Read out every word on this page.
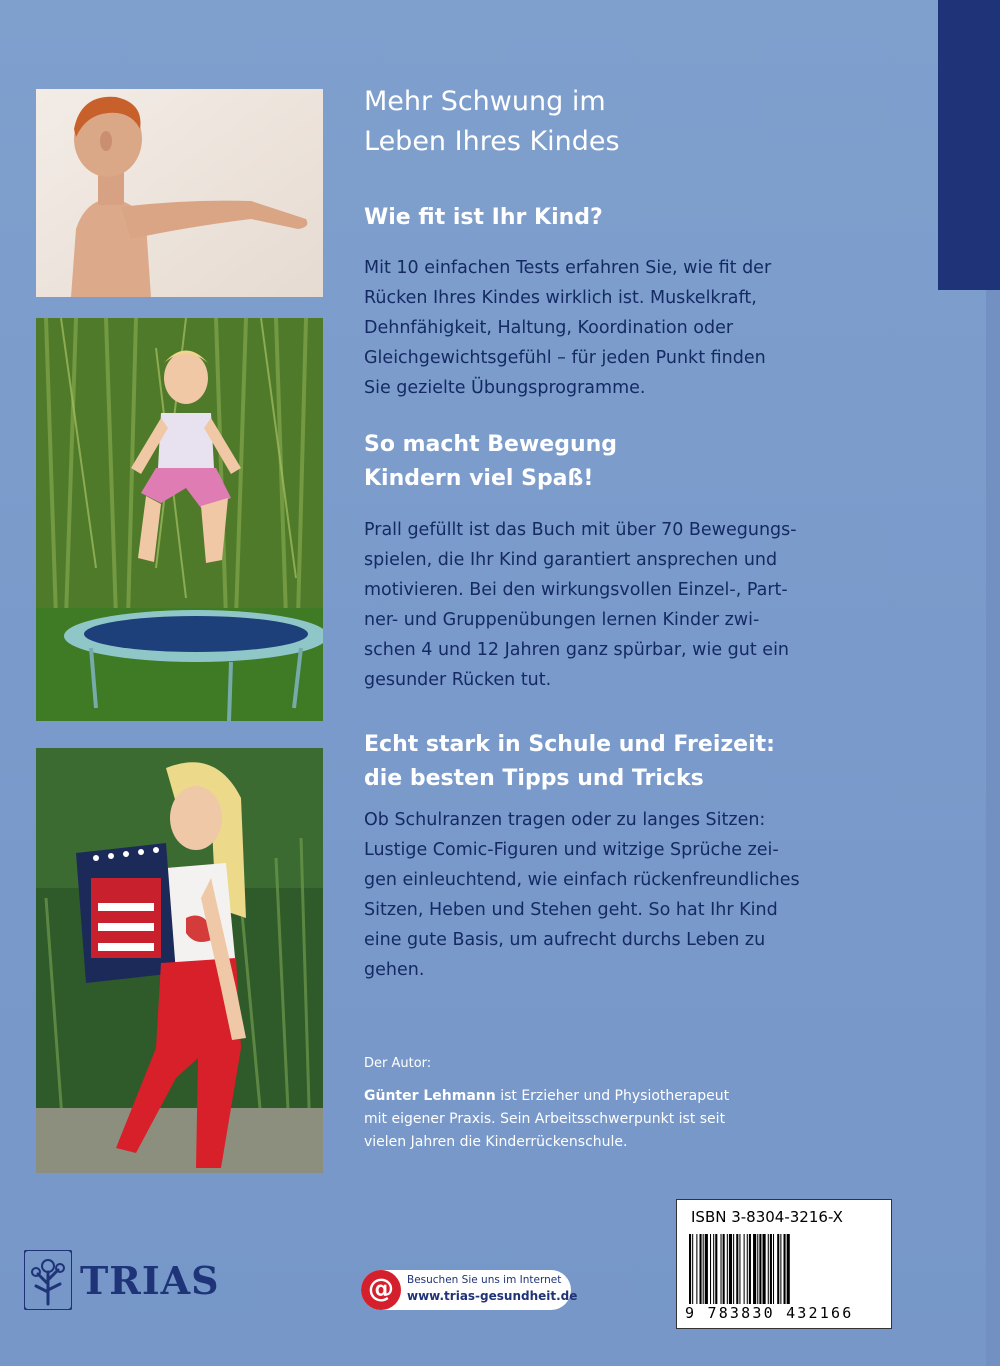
Mehr Schwung im
Leben Ihres Kindes
Wie fit ist Ihr Kind?

Mit 10 einfachen Tests erfahren Sie, wie fit der

Rücken Ihres Kindes wirklich ist. Muskelkraft,

Dehnfähigkeit, Haltung, Koordination oder

Gleichgewichtsgefühl – für jeden Punkt finden

Sie gezielte Übungsprogramme.

So macht Bewegung
Kindern viel Spaß!

Prall gefüllt ist das Buch mit über 70 Bewegungs-

spielen, die Ihr Kind garantiert ansprechen und

motivieren. Bei den wirkungsvollen Einzel-, Part-

ner- und Gruppenübungen lernen Kinder zwi-

schen 4 und 12 Jahren ganz spürbar, wie gut ein

gesunder Rücken tut.

Echt stark in Schule und Freizeit:
die besten Tipps und Tricks

Ob Schulranzen tragen oder zu langes Sitzen:

Lustige Comic-Figuren und witzige Sprüche zei-

gen einleuchtend, wie einfach rückenfreundliches

Sitzen, Heben und Stehen geht. So hat Ihr Kind

eine gute Basis, um aufrecht durchs Leben zu

gehen.

Der Autor:
Günter Lehmann ist Erzieher und Physiotherapeut
mit eigener Praxis. Sein Arbeitsschwerpunkt ist seit
vielen Jahren die Kinderrückenschule.
TRIAS	@	Besuchen Sie uns im Internet
www.trias-gesundheit.de
ISBN 3-8304-3216-X
9 783830 432166
